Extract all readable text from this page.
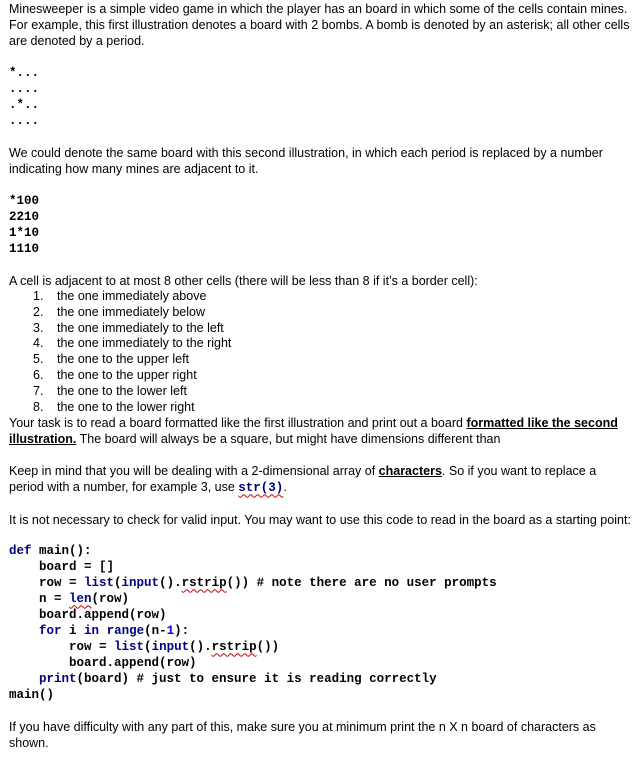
Minesweeper is a simple video game in which the player has an board in which some of the cells contain mines. For example, this first illustration denotes a board with 2 bombs. A bomb is denoted by an asterisk; all other cells are denoted by a period.

*...
....
.*..
....

We could denote the same board with this second illustration, in which each period is replaced by a number indicating how many mines are adjacent to it.

*100
2210
1*10
1110

A cell is adjacent to at most 8 other cells (there will be less than 8 if it’s a border cell):

1. the one immediately above
2. the one immediately below
3. the one immediately to the left
4. the one immediately to the right
5. the one to the upper left
6. the one to the upper right
7. the one to the lower left
8. the one to the lower right

Your task is to read a board formatted like the first illustration and print out a board formatted like the second illustration. The board will always be a square, but might have dimensions different than

Keep in mind that you will be dealing with a 2-dimensional array of characters. So if you want to replace a period with a number, for example 3, use str(3).

It is not necessary to check for valid input. You may want to use this code to read in the board as a starting point:

def main():
board = []
row = list(input().rstrip()) # note there are no user prompts
n = len(row)
board.append(row)
for i in range(n-1):
row = list(input().rstrip())
board.append(row)
print(board) # just to ensure it is reading correctly
main()

If you have difficulty with any part of this, make sure you at minimum print the n X n board of characters as shown.
